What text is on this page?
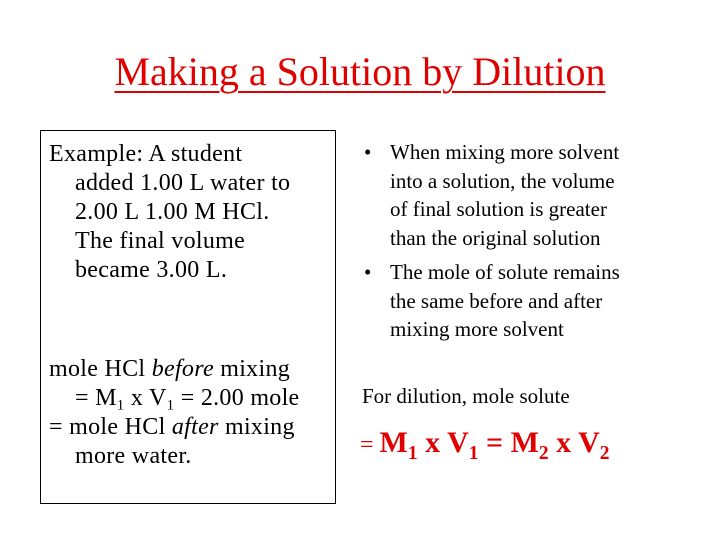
Making a Solution by Dilution
Example: A student
added 1.00 L water to
2.00 L 1.00 M HCl.
The final volume
became 3.00 L.
mole HCl before mixing
= $M_1$ x $V_1 = 2.00$ mole
= mole HCl after mixing
more water.
• When mixing more solvent
into a solution, the volume
of final solution is greater
than the original solution
• The mole of solute remains
the same before and after
mixing more solvent
For dilution, mole solute
= $M_1$ x $V_1 = M_2$ x $V_2$
